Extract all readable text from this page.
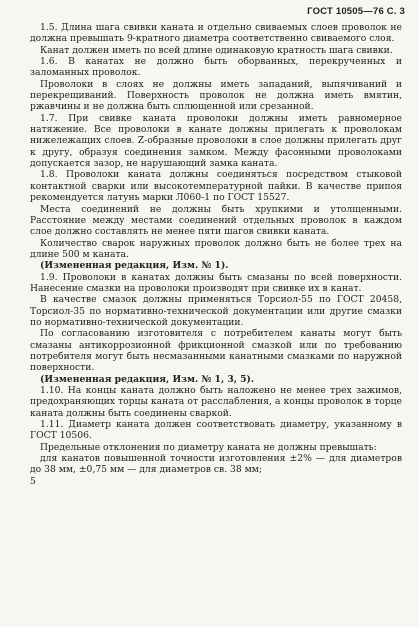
ГОСТ 10505—76 С. 3

1.5. Длина шага свивки каната и отдельно свиваемых слоев проволок не должна превышать 9-кратного диаметра соответственно свиваемого слоя.

Канат должен иметь по всей длине одинаковую кратность шага свивки.

1.6. В канатах не должно быть оборванных, перекрученных и заломанных проволок.

Проволоки в слоях не должны иметь западаний, выпячиваний и перекрещиваний. Поверхность проволок не должна иметь вмятин, ржавчины и не должна быть сплющенной или срезанной.

1.7. При свивке каната проволоки должны иметь равномерное натяжение. Все проволоки в канате должны прилегать к проволокам нижележащих слоев. Z-образные проволоки в слое должны прилегать друг к другу, образуя соединения замком. Между фасонными проволоками допускается зазор, не нарушающий замка каната.

1.8. Проволоки каната должны соединяться посредством стыковой контактной сварки или высокотемпературной пайки. В качестве припоя рекомендуется латунь марки Л060-1 по ГОСТ 15527.

Места соединений не должны быть хрупкими и утолщенными. Расстояние между местами соединений отдельных проволок в каждом слое должно составлять не менее пяти шагов свивки каната.

Количество сварок наружных проволок должно быть не более трех на длине 500 м каната.

(Измененная редакция, Изм. № 1).

1.9. Проволоки в канатах должны быть смазаны по всей поверхности. Нанесение смазки на проволоки производят при свивке их в канат.

В качестве смазок должны применяться Торсиол-55 по ГОСТ 20458, Торсиол-35 по нормативно-технической документации или другие смазки по нормативно-технической документации.

По согласованию изготовителя с потребителем канаты могут быть смазаны антикоррозионной фрикционной смазкой или по требованию потребителя могут быть несмазанными канатными смазками по наружной поверхности.

(Измененная редакция, Изм. № 1, 3, 5).

1.10. На концы каната должно быть наложено не менее трех зажимов, предохраняющих торцы каната от расслабления, а концы проволок в торце каната должны быть соединены сваркой.

1.11. Диаметр каната должен соответствовать диаметру, указанному в ГОСТ 10506.

Предельные отклонения по диаметру каната не должны превышать:

для канатов повышенной точности изготовления ±2% — для диаметров до 38 мм, ±0,75 мм — для диаметров св. 38 мм;

5
